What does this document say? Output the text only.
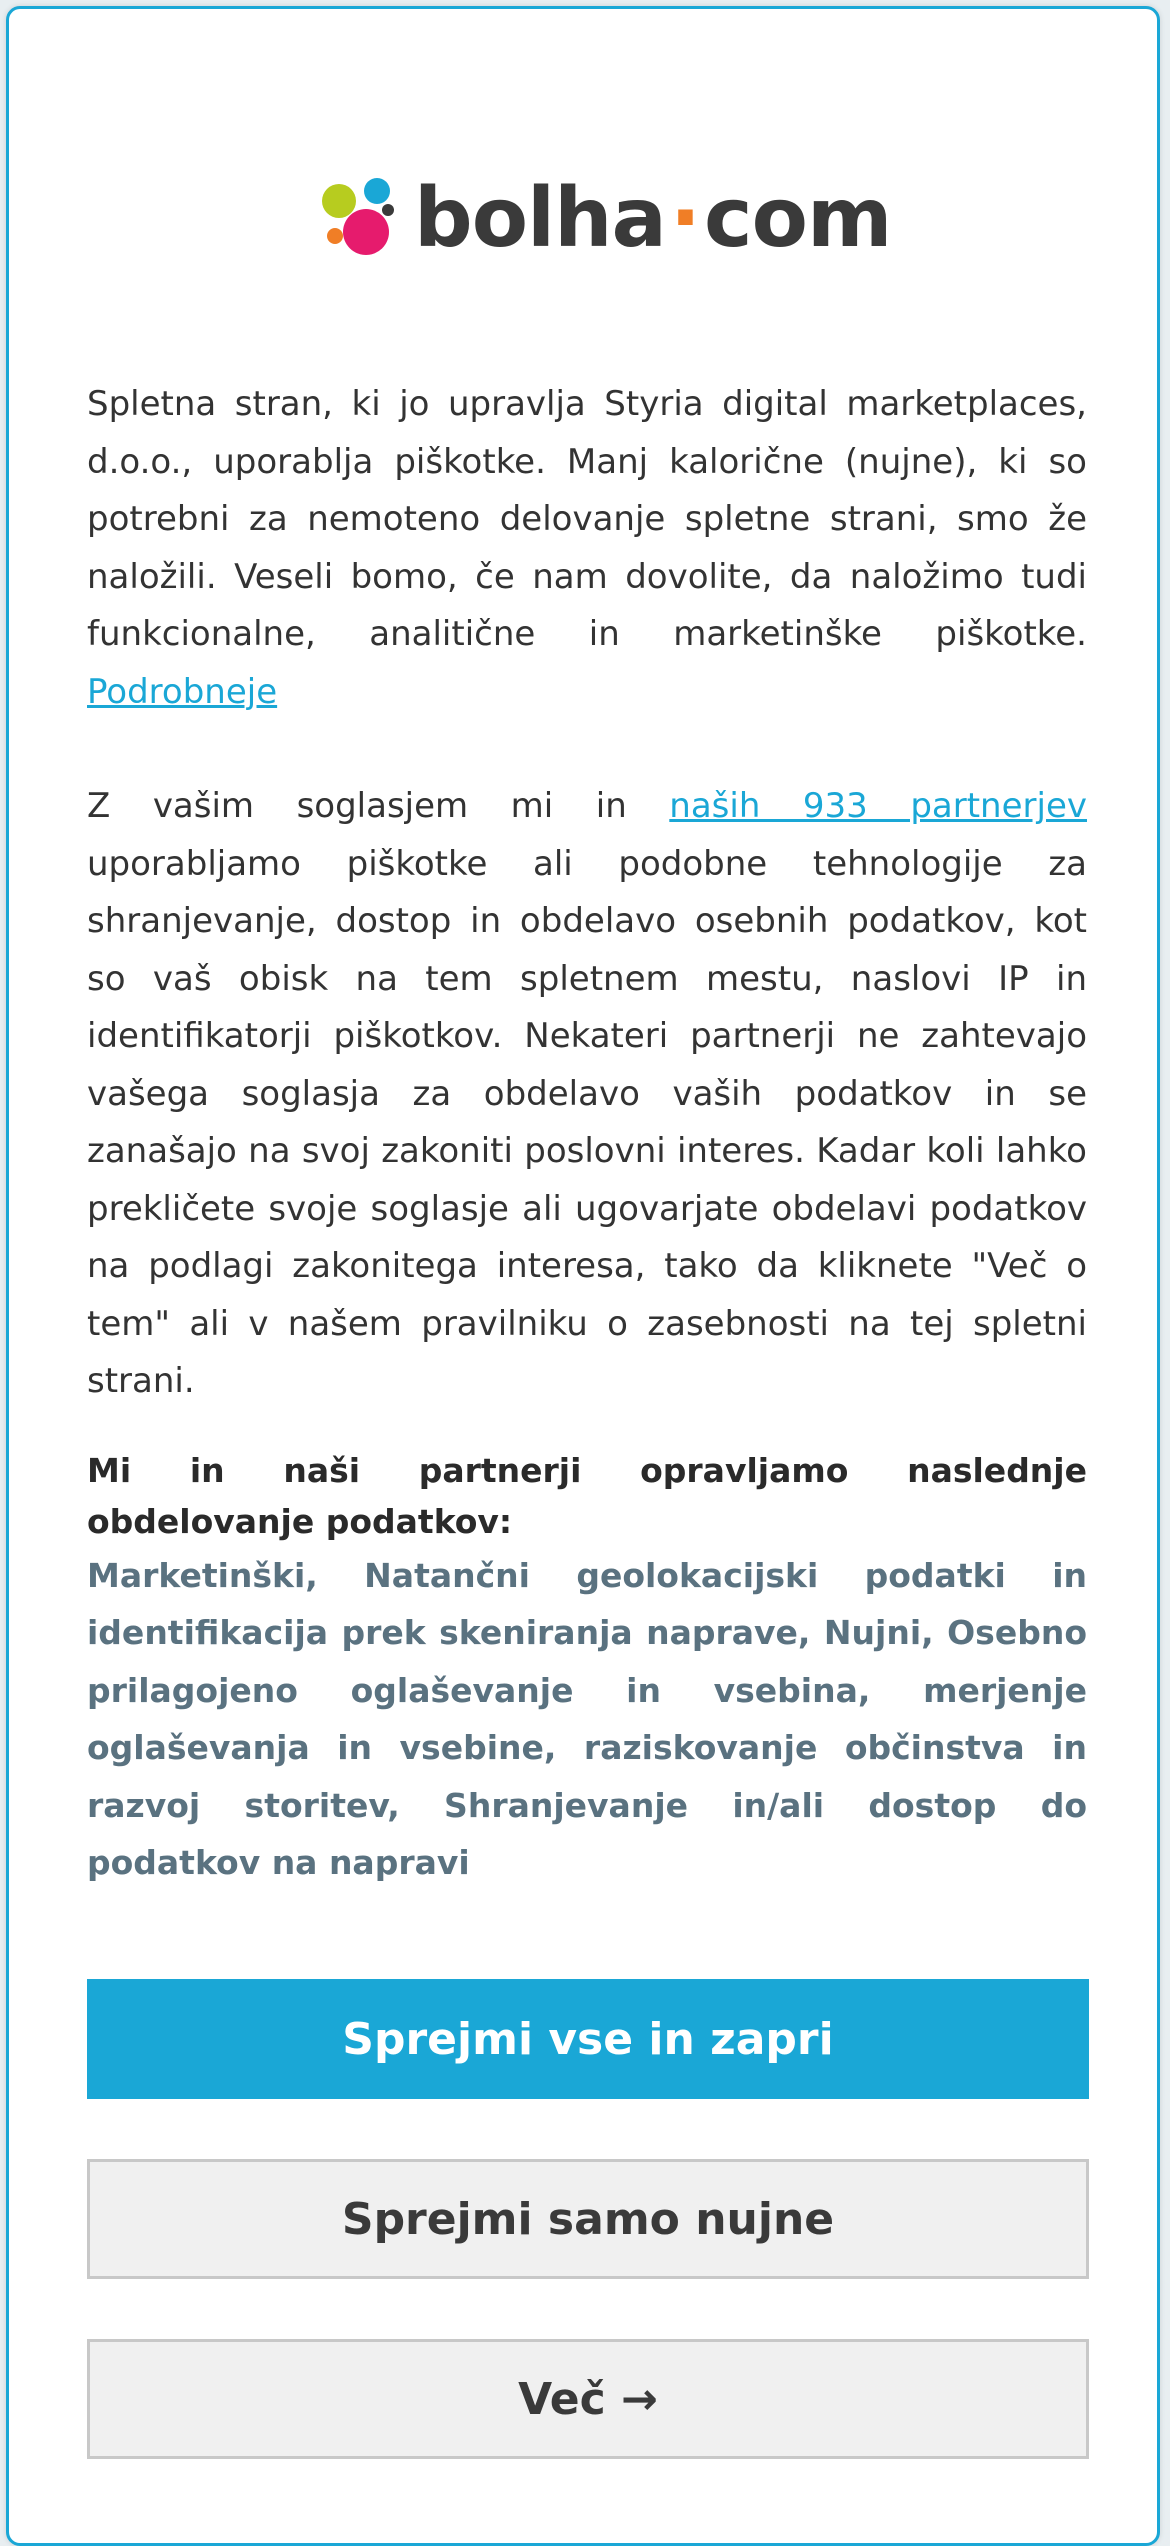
bolha·com

Spletna stran, ki jo upravlja Styria digital marketplaces, d.o.o., uporablja piškotke. Manj kalorične (nujne), ki so potrebni za nemoteno delovanje spletne strani, smo že naložili. Veseli bomo, če nam dovolite, da naložimo tudi funkcionalne, analitične in marketinške piškotke. Podrobneje

Z vašim soglasjem mi in naših 933 partnerjev uporabljamo piškotke ali podobne tehnologije za shranjevanje, dostop in obdelavo osebnih podatkov, kot so vaš obisk na tem spletnem mestu, naslovi IP in identifikatorji piškotkov. Nekateri partnerji ne zahtevajo vašega soglasja za obdelavo vaših podatkov in se zanašajo na svoj zakoniti poslovni interes. Kadar koli lahko prekličete svoje soglasje ali ugovarjate obdelavi podatkov na podlagi zakonitega interesa, tako da kliknete "Več o tem" ali v našem pravilniku o zasebnosti na tej spletni strani.

Mi in naši partnerji opravljamo naslednje obdelovanje podatkov:

Marketinški, Natančni geolokacijski podatki in identifikacija prek skeniranja naprave, Nujni, Osebno prilagojeno oglaševanje in vsebina, merjenje oglaševanja in vsebine, raziskovanje občinstva in razvoj storitev, Shranjevanje in/ali dostop do podatkov na napravi

Sprejmi vse in zapri
Sprejmi samo nujne
Več →
